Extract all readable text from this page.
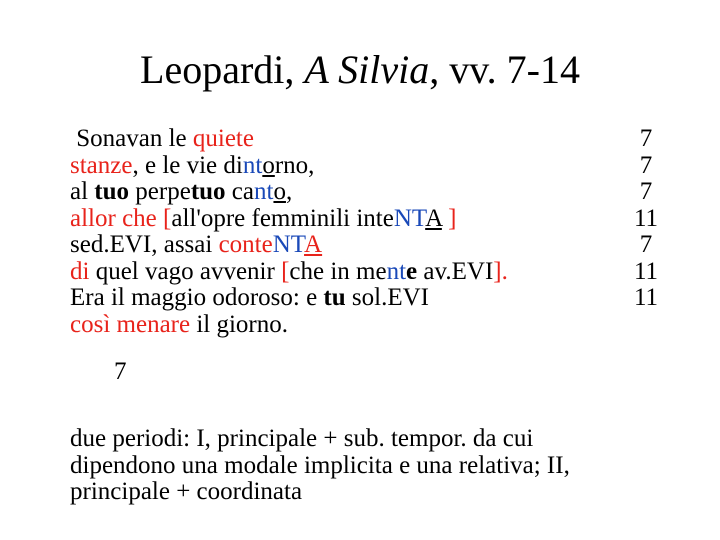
Leopardi, A Silvia, vv. 7-14
Sonavan le quiete
stanze, e le vie dintorno,
al tuo perpetuo canto,
allor che [all'opre femminili inteNTA ]
sed.EVI, assai conteNTA
di quel vago avvenir [che in mente av.EVI].
Era il maggio odoroso: e tu sol.EVI
così menare il giorno.
7
7
7
11
7
11
11
7
due periodi: I, principale + sub. tempor. da cui
dipendono una modale implicita e una relativa; II,
principale + coordinata
